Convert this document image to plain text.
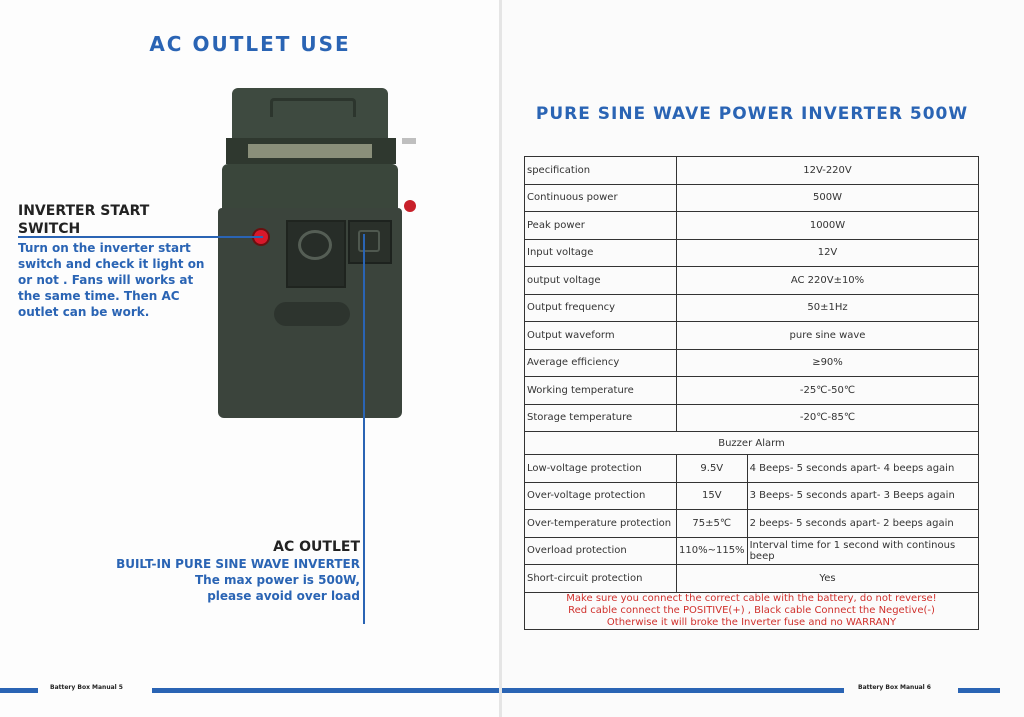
AC OUTLET USE
INVERTER START
SWITCH
Turn on the inverter start switch and check it light on or not . Fans will works at the same time. Then AC outlet can be work.
AC OUTLET
BUILT-IN PURE SINE WAVE INVERTER
The max power is 500W,
please avoid over load
Battery Box Manual 5	Battery Box Manual 6
PURE SINE WAVE POWER INVERTER 500W
specification	12V-220V	
Continuous power	500W	
Peak power	1000W	
Input voltage	12V	
output voltage	AC 220V±10%	
Output frequency	50±1Hz	
Output waveform	pure sine wave	
Average efficiency	≥90%	
Working temperature	-25℃-50℃	
Storage temperature	-20℃-85℃	
Buzzer Alarm		
Low-voltage protection	9.5V	4 Beeps- 5 seconds apart- 4 beeps again
Over-voltage protection	15V	3 Beeps- 5 seconds apart- 3 Beeps again
Over-temperature protection	75±5℃	2 beeps- 5 seconds apart- 2 beeps again
Overload protection	110%~115%	Interval time for 1 second with continous beep
Short-circuit protection	Yes	

Make sure you connect the correct cable with the battery, do not reverse!
Red cable connect the POSITIVE(+) , Black cable Connect the Negetive(-)
Otherwise it will broke the Inverter fuse and no WARRANY		
